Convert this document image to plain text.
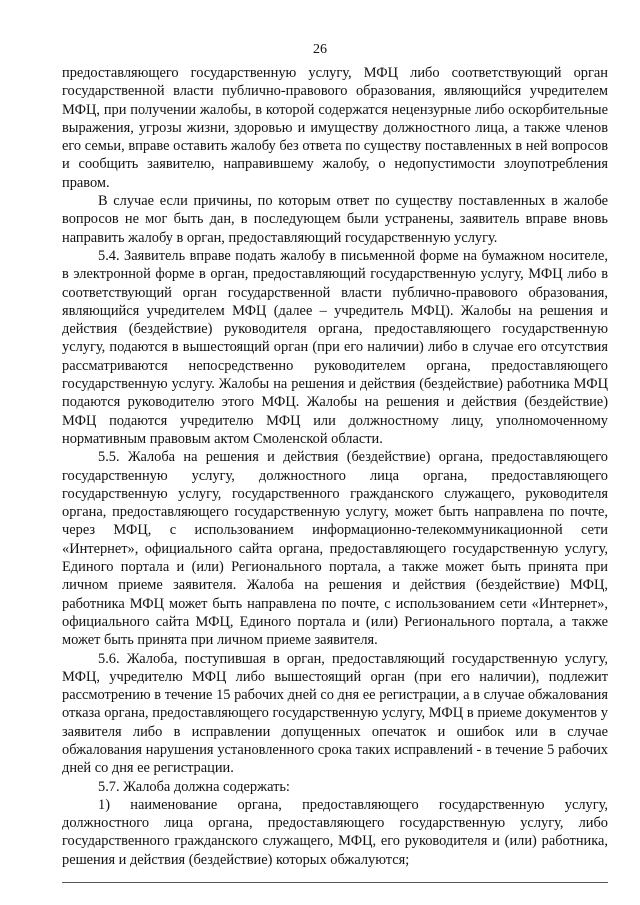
26

предоставляющего государственную услугу, МФЦ либо соответствующий орган государственной власти публично-правового образования, являющийся учредителем МФЦ, при получении жалобы, в которой содержатся нецензурные либо оскорбительные выражения, угрозы жизни, здоровью и имуществу должностного лица, а также членов его семьи, вправе оставить жалобу без ответа по существу поставленных в ней вопросов и сообщить заявителю, направившему жалобу, о недопустимости злоупотребления правом.

В случае если причины, по которым ответ по существу поставленных в жалобе вопросов не мог быть дан, в последующем были устранены, заявитель вправе вновь направить жалобу в орган, предоставляющий государственную услугу.

5.4. Заявитель вправе подать жалобу в письменной форме на бумажном носителе, в электронной форме в орган, предоставляющий государственную услугу, МФЦ либо в соответствующий орган государственной власти публично-правового образования, являющийся учредителем МФЦ (далее – учредитель МФЦ). Жалобы на решения и действия (бездействие) руководителя органа, предоставляющего государственную услугу, подаются в вышестоящий орган (при его наличии) либо в случае его отсутствия рассматриваются непосредственно руководителем органа, предоставляющего государственную услугу. Жалобы на решения и действия (бездействие) работника МФЦ подаются руководителю этого МФЦ. Жалобы на решения и действия (бездействие) МФЦ подаются учредителю МФЦ или должностному лицу, уполномоченному нормативным правовым актом Смоленской области.

5.5. Жалоба на решения и действия (бездействие) органа, предоставляющего государственную услугу, должностного лица органа, предоставляющего государственную услугу, государственного гражданского служащего, руководителя органа, предоставляющего государственную услугу, может быть направлена по почте, через МФЦ, с использованием информационно-телекоммуникационной сети «Интернет», официального сайта органа, предоставляющего государственную услугу, Единого портала и (или) Регионального портала, а также может быть принята при личном приеме заявителя. Жалоба на решения и действия (бездействие) МФЦ, работника МФЦ может быть направлена по почте, с использованием сети «Интернет», официального сайта МФЦ, Единого портала и (или) Регионального портала, а также может быть принята при личном приеме заявителя.

5.6. Жалоба, поступившая в орган, предоставляющий государственную услугу, МФЦ, учредителю МФЦ либо вышестоящий орган (при его наличии), подлежит рассмотрению в течение 15 рабочих дней со дня ее регистрации, а в случае обжалования отказа органа, предоставляющего государственную услугу, МФЦ в приеме документов у заявителя либо в исправлении допущенных опечаток и ошибок или в случае обжалования нарушения установленного срока таких исправлений - в течение 5 рабочих дней со дня ее регистрации.

5.7. Жалоба должна содержать:

1) наименование органа, предоставляющего государственную услугу, должностного лица органа, предоставляющего государственную услугу, либо государственного гражданского служащего, МФЦ, его руководителя и (или) работника, решения и действия (бездействие) которых обжалуются;
